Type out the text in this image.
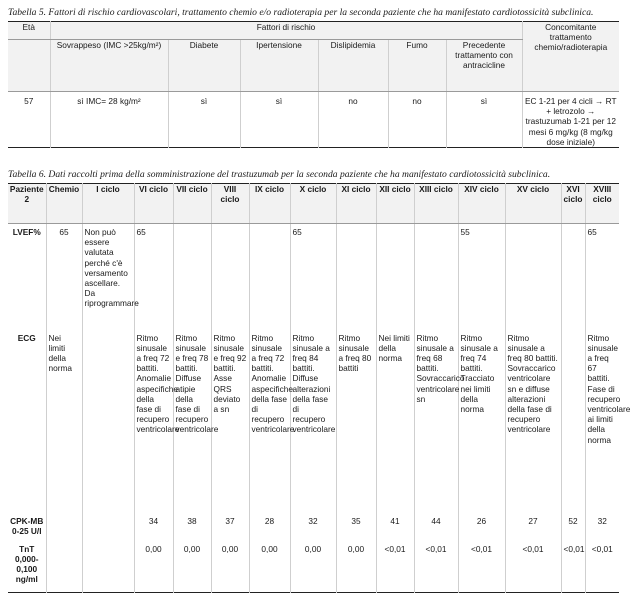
Tabella 5. Fattori di rischio cardiovascolari, trattamento chemio e/o radioterapia per la seconda paziente che ha manifestato cardiotossicità subclinica.
Età	Fattori di rischio						Concomitante trattamento chemio/radioterapia
	Sovrappeso (IMC >25kg/m²)	Diabete	Ipertensione	Dislipidemia	Fumo	Precedente trattamento con antracicline	
57	sì IMC= 28 kg/m²	sì	sì	no	no	sì	EC 1-21 per 4 cicli → RT + letrozolo → trastuzumab 1-21 per 12 mesi 6 mg/kg (8 mg/kg dose iniziale)
Tabella 6. Dati raccolti prima della somministrazione del trastuzumab per la seconda paziente che ha manifestato cardiotossicità subclinica.
Paziente 2	Chemio	I ciclo	VI ciclo	VII ciclo	VIII ciclo	IX ciclo	X ciclo	XI ciclo	XII ciclo	XIII ciclo	XIV ciclo	XV ciclo	XVI ciclo	XVIII ciclo
LVEF%	65	Non può essere valutata perché c'è versamento ascellare. Da riprogrammare	65				65				55			65
ECG	Nei limiti della norma		Ritmo sinusale a freq 72 battiti. Anomalie aspecifiche della fase di recupero ventricolare	Ritmo sinusale e freq 78 battiti. Diffuse atipie della fase di recupero ventricolare	Ritmo sinusale e freq 92 battiti. Asse QRS deviato a sn	Ritmo sinusale a freq 72 battiti. Anomalie aspecifiche della fase di recupero ventricolare	Ritmo sinusale a freq 84 battiti. Diffuse alterazioni della fase di recupero ventricolare	Ritmo sinusale a freq 80 battiti	Nei limiti della norma	Ritmo sinusale a freq 68 battiti. Sovraccarico ventricolare sn	Ritmo sinusale a freq 74 battiti. Tracciato nei limiti della norma	Ritmo sinusale a freq 80 battiti. Sovraccarico ventricolare sn e diffuse alterazioni della fase di recupero ventricolare		Ritmo sinusale a freq 67 battiti. Fase di recupero ventricolare ai limiti della norma
CPK-MB 0-25 U/l			34	38	37	28	32	35	41	44	26	27	52	32
TnT 0,000-0,100 ng/ml			0,00	0,00	0,00	0,00	0,00	0,00	<0,01	<0,01	<0,01	<0,01	<0,01	<0,01
